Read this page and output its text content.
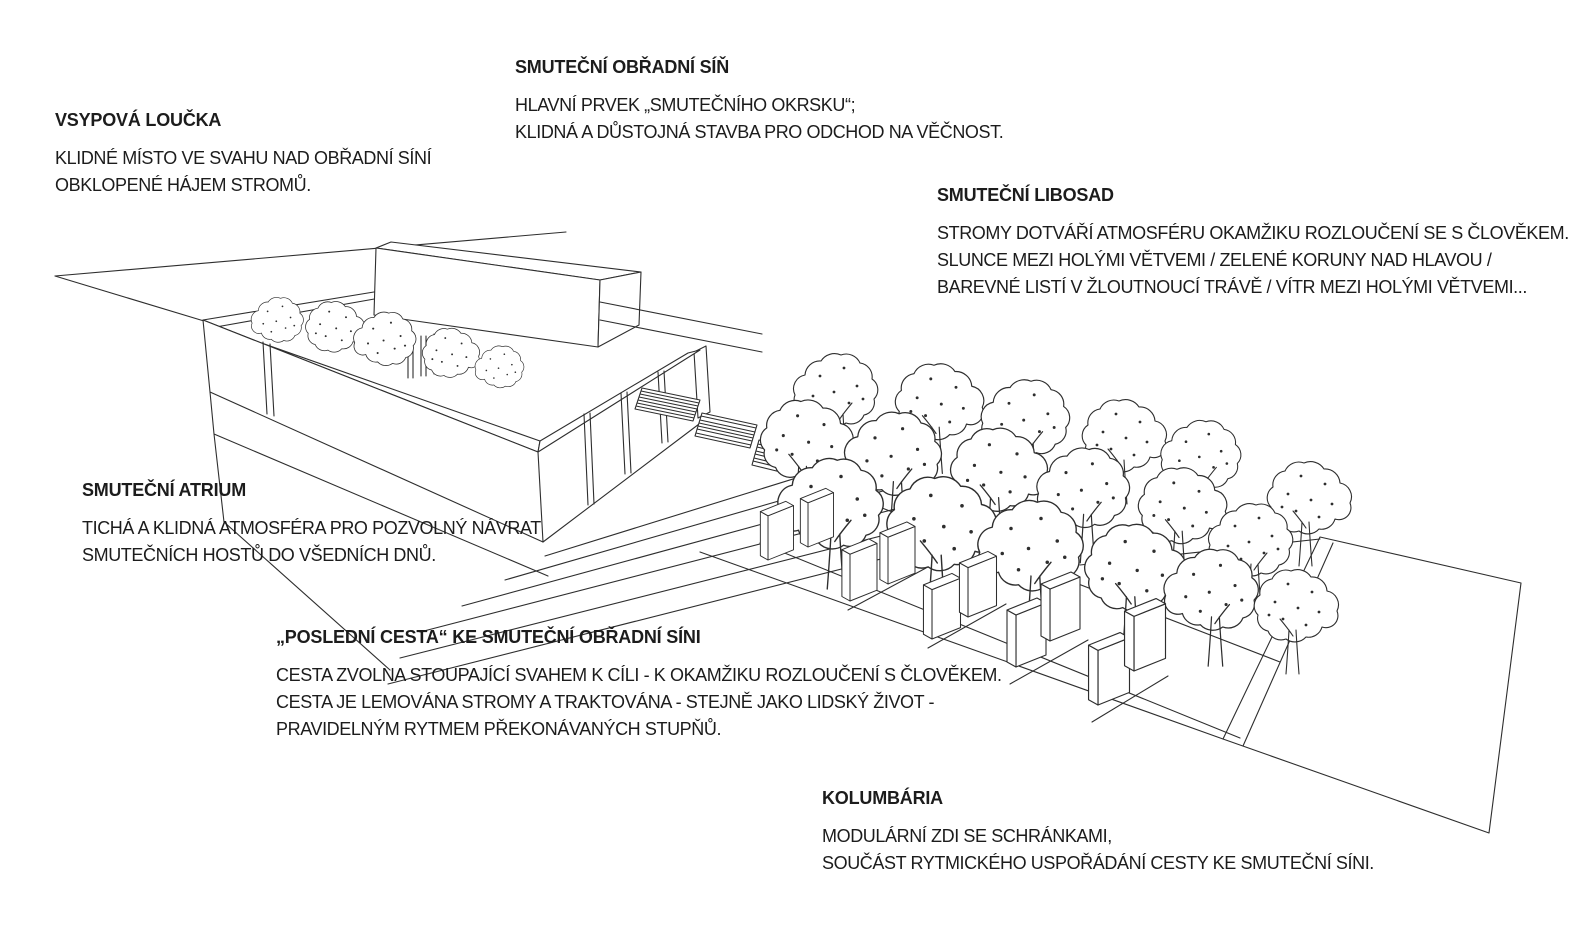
VSYPOVÁ LOUČKA

KLIDNÉ MÍSTO VE SVAHU NAD OBŘADNÍ SÍNÍ

OBKLOPENÉ HÁJEM STROMŮ.

SMUTEČNÍ OBŘADNÍ SÍŇ

HLAVNÍ PRVEK „SMUTEČNÍHO OKRSKU“;

KLIDNÁ A DŮSTOJNÁ STAVBA PRO ODCHOD NA VĚČNOST.

SMUTEČNÍ LIBOSAD

STROMY DOTVÁŘÍ ATMOSFÉRU OKAMŽIKU ROZLOUČENÍ SE S ČLOVĚKEM.

SLUNCE MEZI HOLÝMI VĚTVEMI / ZELENÉ KORUNY NAD HLAVOU /

BAREVNÉ LISTÍ V ŽLOUTNOUCÍ TRÁVĚ / VÍTR MEZI HOLÝMI VĚTVEMI...

SMUTEČNÍ ATRIUM

TICHÁ A KLIDNÁ ATMOSFÉRA PRO POZVOLNÝ NÁVRAT

SMUTEČNÍCH HOSTŮ DO VŠEDNÍCH DNŮ.

„POSLEDNÍ CESTA“ KE SMUTEČNÍ OBŘADNÍ SÍNI

CESTA ZVOLNA STOUPAJÍCÍ SVAHEM K CÍLI - K OKAMŽIKU ROZLOUČENÍ S ČLOVĚKEM.

CESTA JE LEMOVÁNA STROMY A TRAKTOVÁNA - STEJNĚ JAKO LIDSKÝ ŽIVOT -

PRAVIDELNÝM RYTMEM PŘEKONÁVANÝCH STUPŇŮ.

KOLUMBÁRIA

MODULÁRNÍ ZDI SE SCHRÁNKAMI,

SOUČÁST RYTMICKÉHO USPOŘÁDÁNÍ CESTY KE SMUTEČNÍ SÍNI.
